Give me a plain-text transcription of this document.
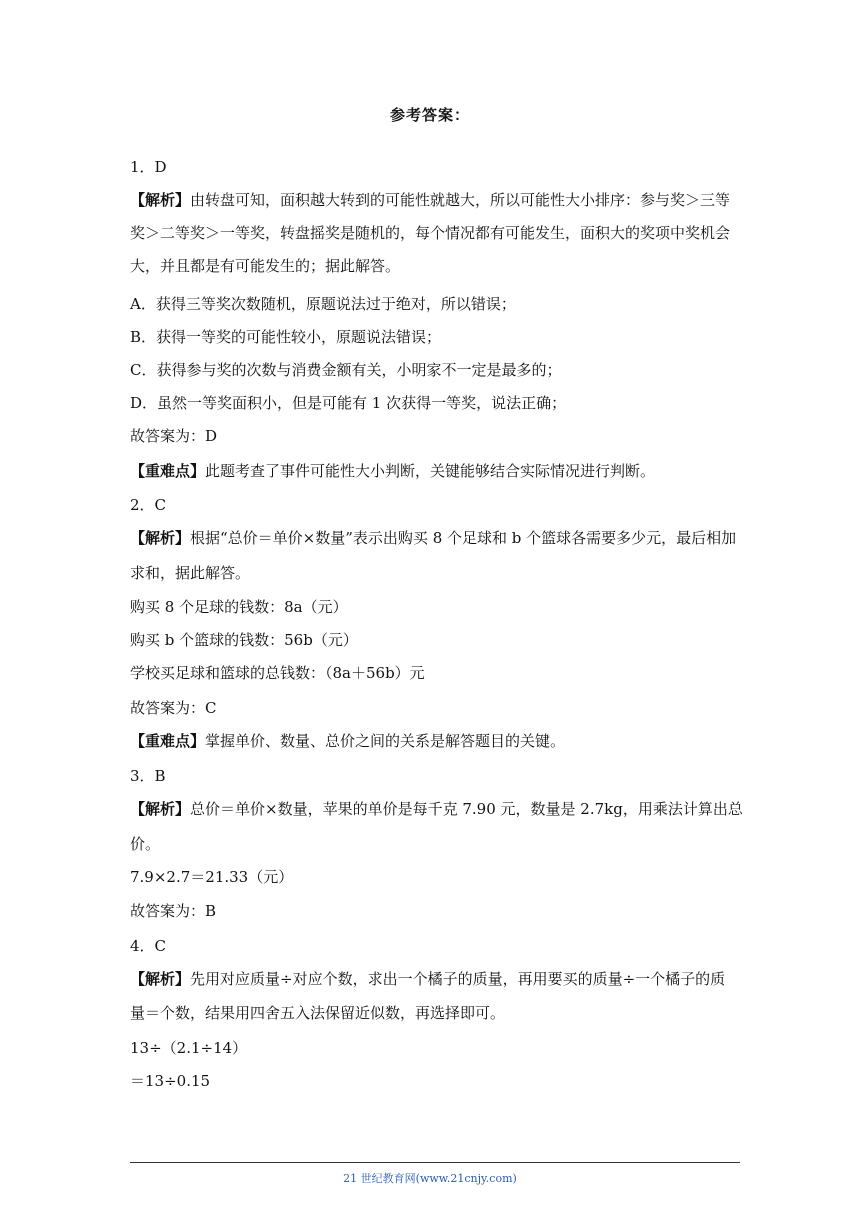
参考答案：
1．D
【解析】由转盘可知，面积越大转到的可能性就越大，所以可能性大小排序：参与奖＞三等
奖＞二等奖＞一等奖，转盘摇奖是随机的，每个情况都有可能发生，面积大的奖项中奖机会
大，并且都是有可能发生的；据此解答。
A．获得三等奖次数随机，原题说法过于绝对，所以错误；
B．获得一等奖的可能性较小，原题说法错误；
C．获得参与奖的次数与消费金额有关，小明家不一定是最多的；
D．虽然一等奖面积小，但是可能有 1 次获得一等奖，说法正确；
故答案为：D
【重难点】此题考查了事件可能性大小判断，关键能够结合实际情况进行判断。
2．C
【解析】根据“总价＝单价×数量”表示出购买 8 个足球和 b 个篮球各需要多少元，最后相加
求和，据此解答。
购买 8 个足球的钱数：8a（元）
购买 b 个篮球的钱数：56b（元）
学校买足球和篮球的总钱数：（8a＋56b）元
故答案为：C
【重难点】掌握单价、数量、总价之间的关系是解答题目的关键。
3．B
【解析】总价＝单价×数量，苹果的单价是每千克 7.90 元，数量是 2.7kg，用乘法计算出总
价。
7.9×2.7＝21.33（元）
故答案为：B
4．C
【解析】先用对应质量÷对应个数，求出一个橘子的质量，再用要买的质量÷一个橘子的质
量＝个数，结果用四舍五入法保留近似数，再选择即可。
13÷（2.1÷14）
＝13÷0.15
21 世纪教育网(www.21cnjy.com)
